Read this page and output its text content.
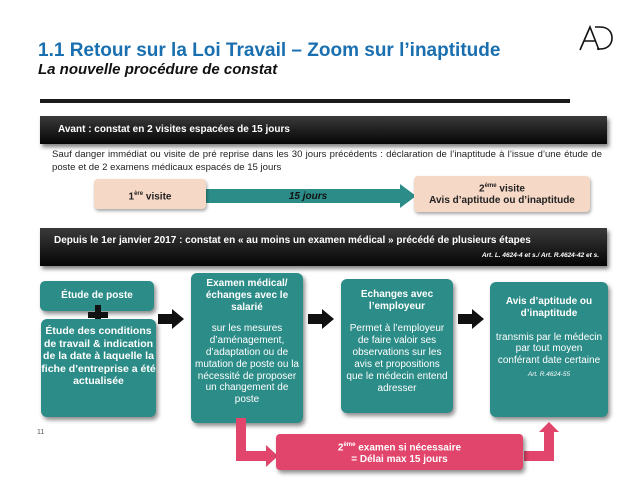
1.1 Retour sur la Loi Travail – Zoom sur l’inaptitude
La nouvelle procédure de constat
Avant : constat en 2 visites espacées de 15 jours
Sauf danger immédiat ou visite de pré reprise dans les 30 jours précédents : déclaration de l’inaptitude à l’issue d’une étude de poste et de 2 examens médicaux espacés de 15 jours
15 jours
1ère visite
2ème visite
Avis d’aptitude ou d’inaptitude
Depuis le 1er janvier 2017 : constat en « au moins un examen médical » précédé de plusieurs étapes
Art. L. 4624-4 et s./ Art. R.4624-42 et s.
Étude de poste
Étude des conditions de travail & indication de la date à laquelle la fiche d’entreprise a été actualisée
Examen médical/ échanges avec le salarié
sur les mesures d’aménagement, d’adaptation ou de mutation de poste ou la nécessité de proposer un changement de poste
Echanges avec l’employeur
Permet à l’employeur de faire valoir ses observations sur les avis et propositions que le médecin entend adresser
Avis d’aptitude ou d’inaptitude
transmis par le médecin par tout moyen conférant date certaine
Art. R.4624-55
2ème examen si nécessaire
= Délai max 15 jours
11
